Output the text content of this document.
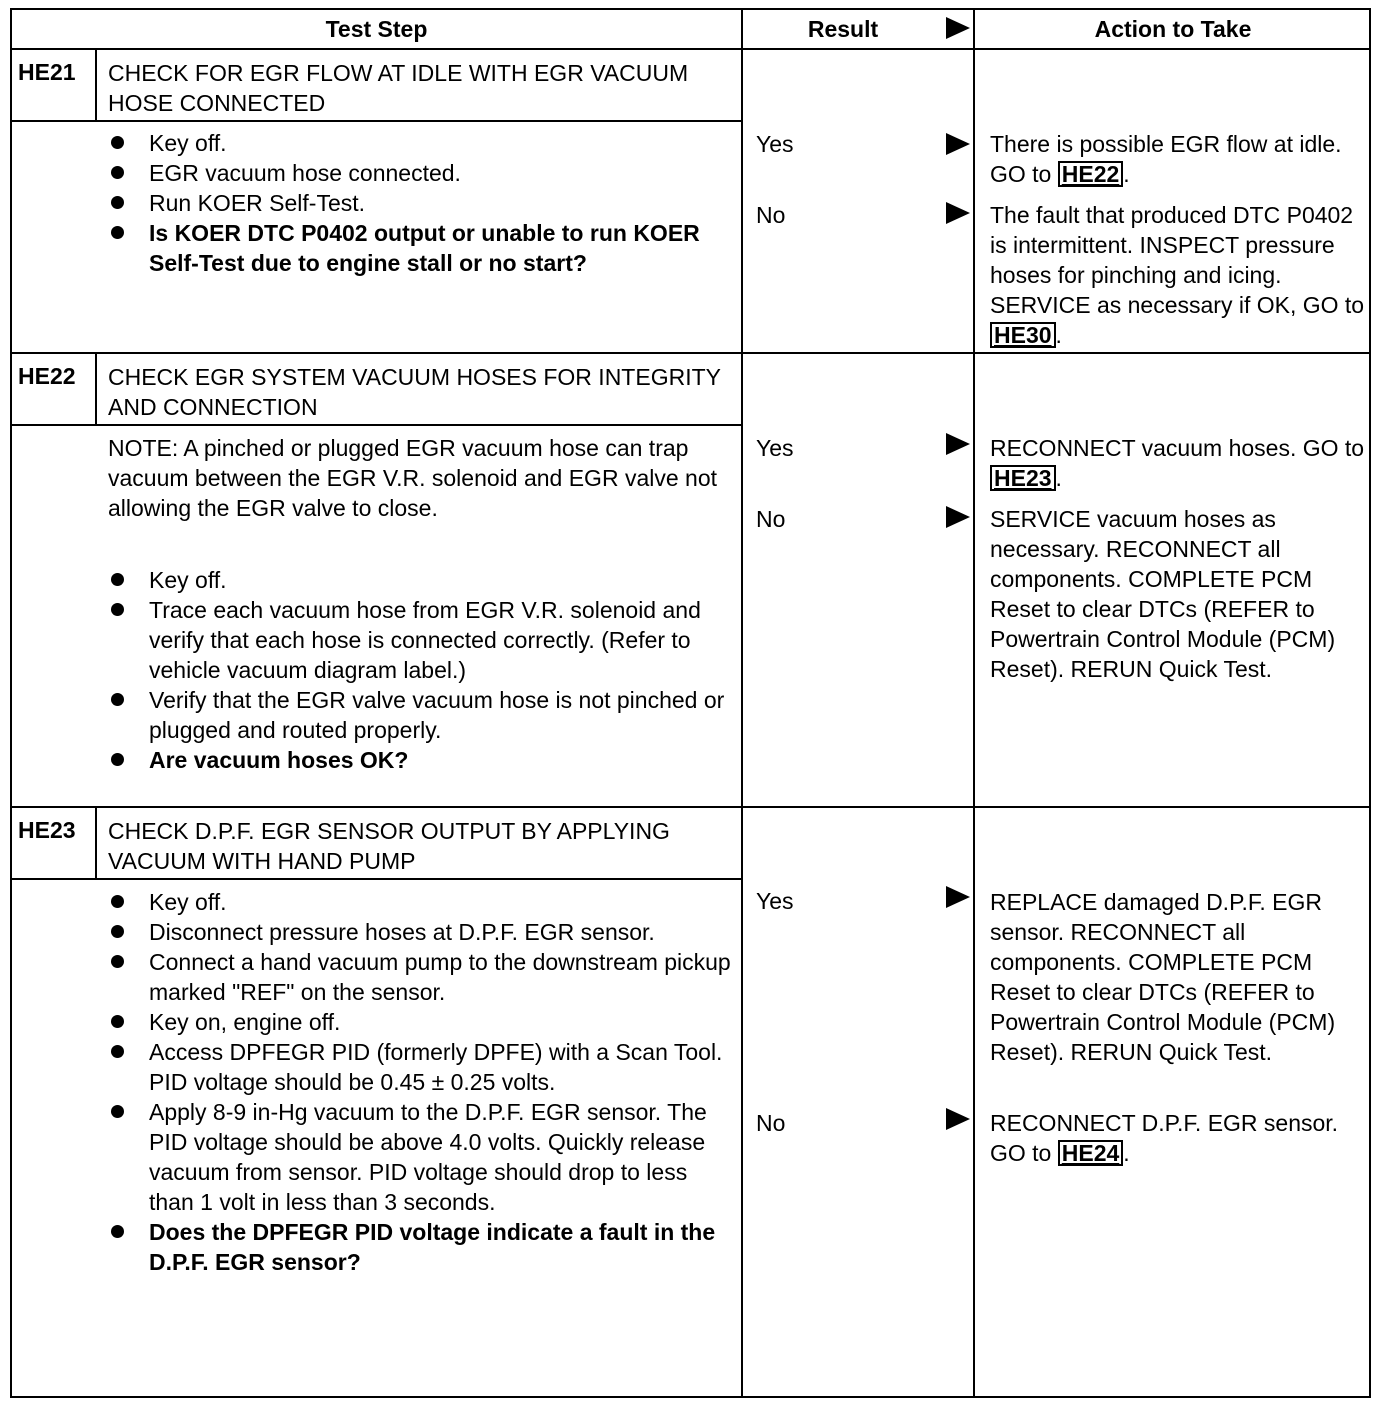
Test Step	Result	Action to Take
HE21 CHECK FOR EGR FLOW AT IDLE WITH EGR VACUUM HOSE CONNECTED
Key off.
EGR vacuum hose connected.
Run KOER Self-Test.
Is KOER DTC P0402 output or unable to run KOER Self-Test due to engine stall or no start?
Yes	There is possible EGR flow at idle. GO to HE22 .
No	The fault that produced DTC P0402 is intermittent. INSPECT pressure hoses for pinching and icing. SERVICE as necessary if OK, GO to HE30 .
HE22 CHECK EGR SYSTEM VACUUM HOSES FOR INTEGRITY AND CONNECTION
NOTE: A pinched or plugged EGR vacuum hose can trap vacuum between the EGR V.R. solenoid and EGR valve not allowing the EGR valve to close.
Key off.
Trace each vacuum hose from EGR V.R. solenoid and verify that each hose is connected correctly. (Refer to vehicle vacuum diagram label.)
Verify that the EGR valve vacuum hose is not pinched or plugged and routed properly.
Are vacuum hoses OK?
Yes	RECONNECT vacuum hoses. GO to HE23 .
No	SERVICE vacuum hoses as necessary. RECONNECT all components. COMPLETE PCM Reset to clear DTCs (REFER to Powertrain Control Module (PCM) Reset). RERUN Quick Test.
HE23 CHECK D.P.F. EGR SENSOR OUTPUT BY APPLYING VACUUM WITH HAND PUMP
Key off.
Disconnect pressure hoses at D.P.F. EGR sensor.
Connect a hand vacuum pump to the downstream pickup marked "REF" on the sensor.
Key on, engine off.
Access DPFEGR PID (formerly DPFE) with a Scan Tool. PID voltage should be 0.45 ± 0.25 volts.
Apply 8-9 in-Hg vacuum to the D.P.F. EGR sensor. The PID voltage should be above 4.0 volts. Quickly release vacuum from sensor. PID voltage should drop to less than 1 volt in less than 3 seconds.
Does the DPFEGR PID voltage indicate a fault in the D.P.F. EGR sensor?
Yes	REPLACE damaged D.P.F. EGR sensor. RECONNECT all components. COMPLETE PCM Reset to clear DTCs (REFER to Powertrain Control Module (PCM) Reset). RERUN Quick Test.
No	RECONNECT D.P.F. EGR sensor. GO to HE24 .
